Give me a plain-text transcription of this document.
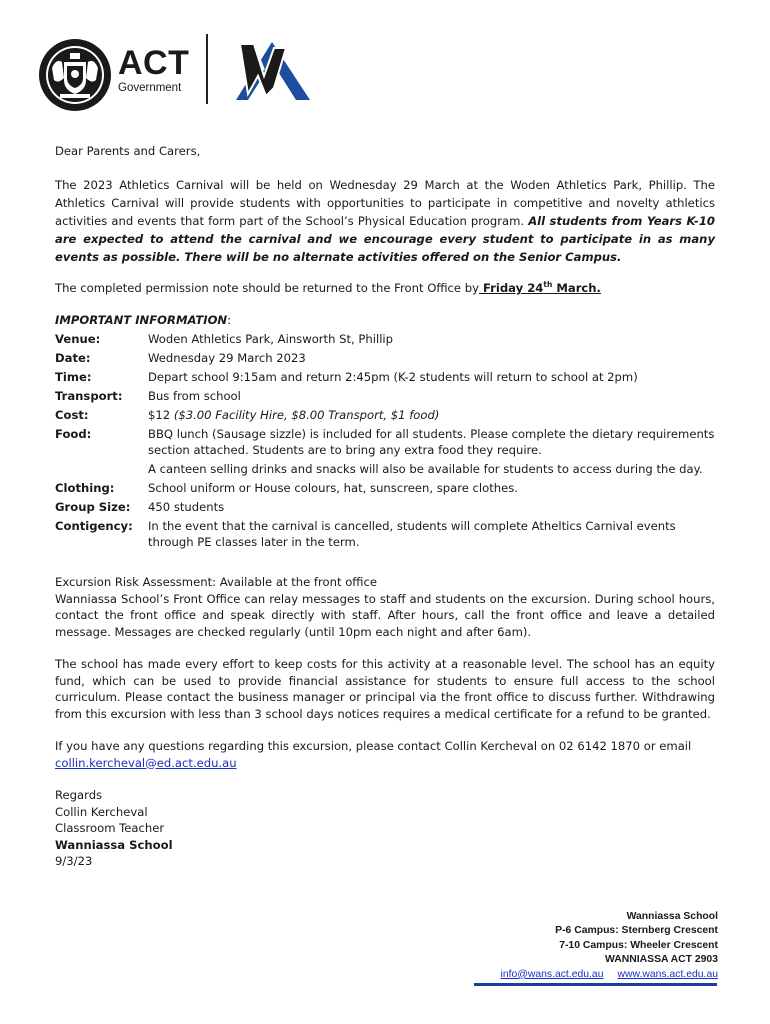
ACT
Government

Dear Parents and Carers,

The 2023 Athletics Carnival will be held on Wednesday 29 March at the Woden Athletics Park, Phillip. The Athletics Carnival will provide students with opportunities to participate in competitive and novelty athletics activities and events that form part of the School’s Physical Education program. All students from Years K-10 are expected to attend the carnival and we encourage every student to participate in as many events as possible. There will be no alternate activities offered on the Senior Campus.

The completed permission note should be returned to the Front Office by Friday 24th March.

IMPORTANT INFORMATION:

Venue:	Woden Athletics Park, Ainsworth St, Phillip
Date:	Wednesday 29 March 2023
Time:	Depart school 9:15am and return 2:45pm (K-2 students will return to school at 2pm)
Transport:	Bus from school
Cost:	$12 ($3.00 Facility Hire, $8.00 Transport, $1 food)
Food:	BBQ lunch (Sausage sizzle) is included for all students. Please complete the dietary requirements section attached. Students are to bring any extra food they require.
A canteen selling drinks and snacks will also be available for students to access during the day.

Clothing:	School uniform or House colours, hat, sunscreen, spare clothes.
Group Size:	450 students
Contigency:	In the event that the carnival is cancelled, students will complete Atheltics Carnival events through PE classes later in the term.

Excursion Risk Assessment: Available at the front office

Wanniassa School’s Front Office can relay messages to staff and students on the excursion. During school hours, contact the front office and speak directly with staff. After hours, call the front office and leave a detailed message. Messages are checked regularly (until 10pm each night and after 6am).

The school has made every effort to keep costs for this activity at a reasonable level. The school has an equity fund, which can be used to provide financial assistance for students to ensure full access to the school curriculum. Please contact the business manager or principal via the front office to discuss further. Withdrawing from this excursion with less than 3 school days notices requires a medical certificate for a refund to be granted.

If you have any questions regarding this excursion, please contact Collin Kercheval on 02 6142 1870 or email
collin.kercheval@ed.act.edu.au

Regards
Collin Kercheval
Classroom Teacher
Wanniassa School
9/3/23
Wanniassa School
P-6 Campus: Sternberg Crescent
7-10 Campus: Wheeler Crescent
WANNIASSA ACT 2903
info@wans.act.edu.au www.wans.act.edu.au
